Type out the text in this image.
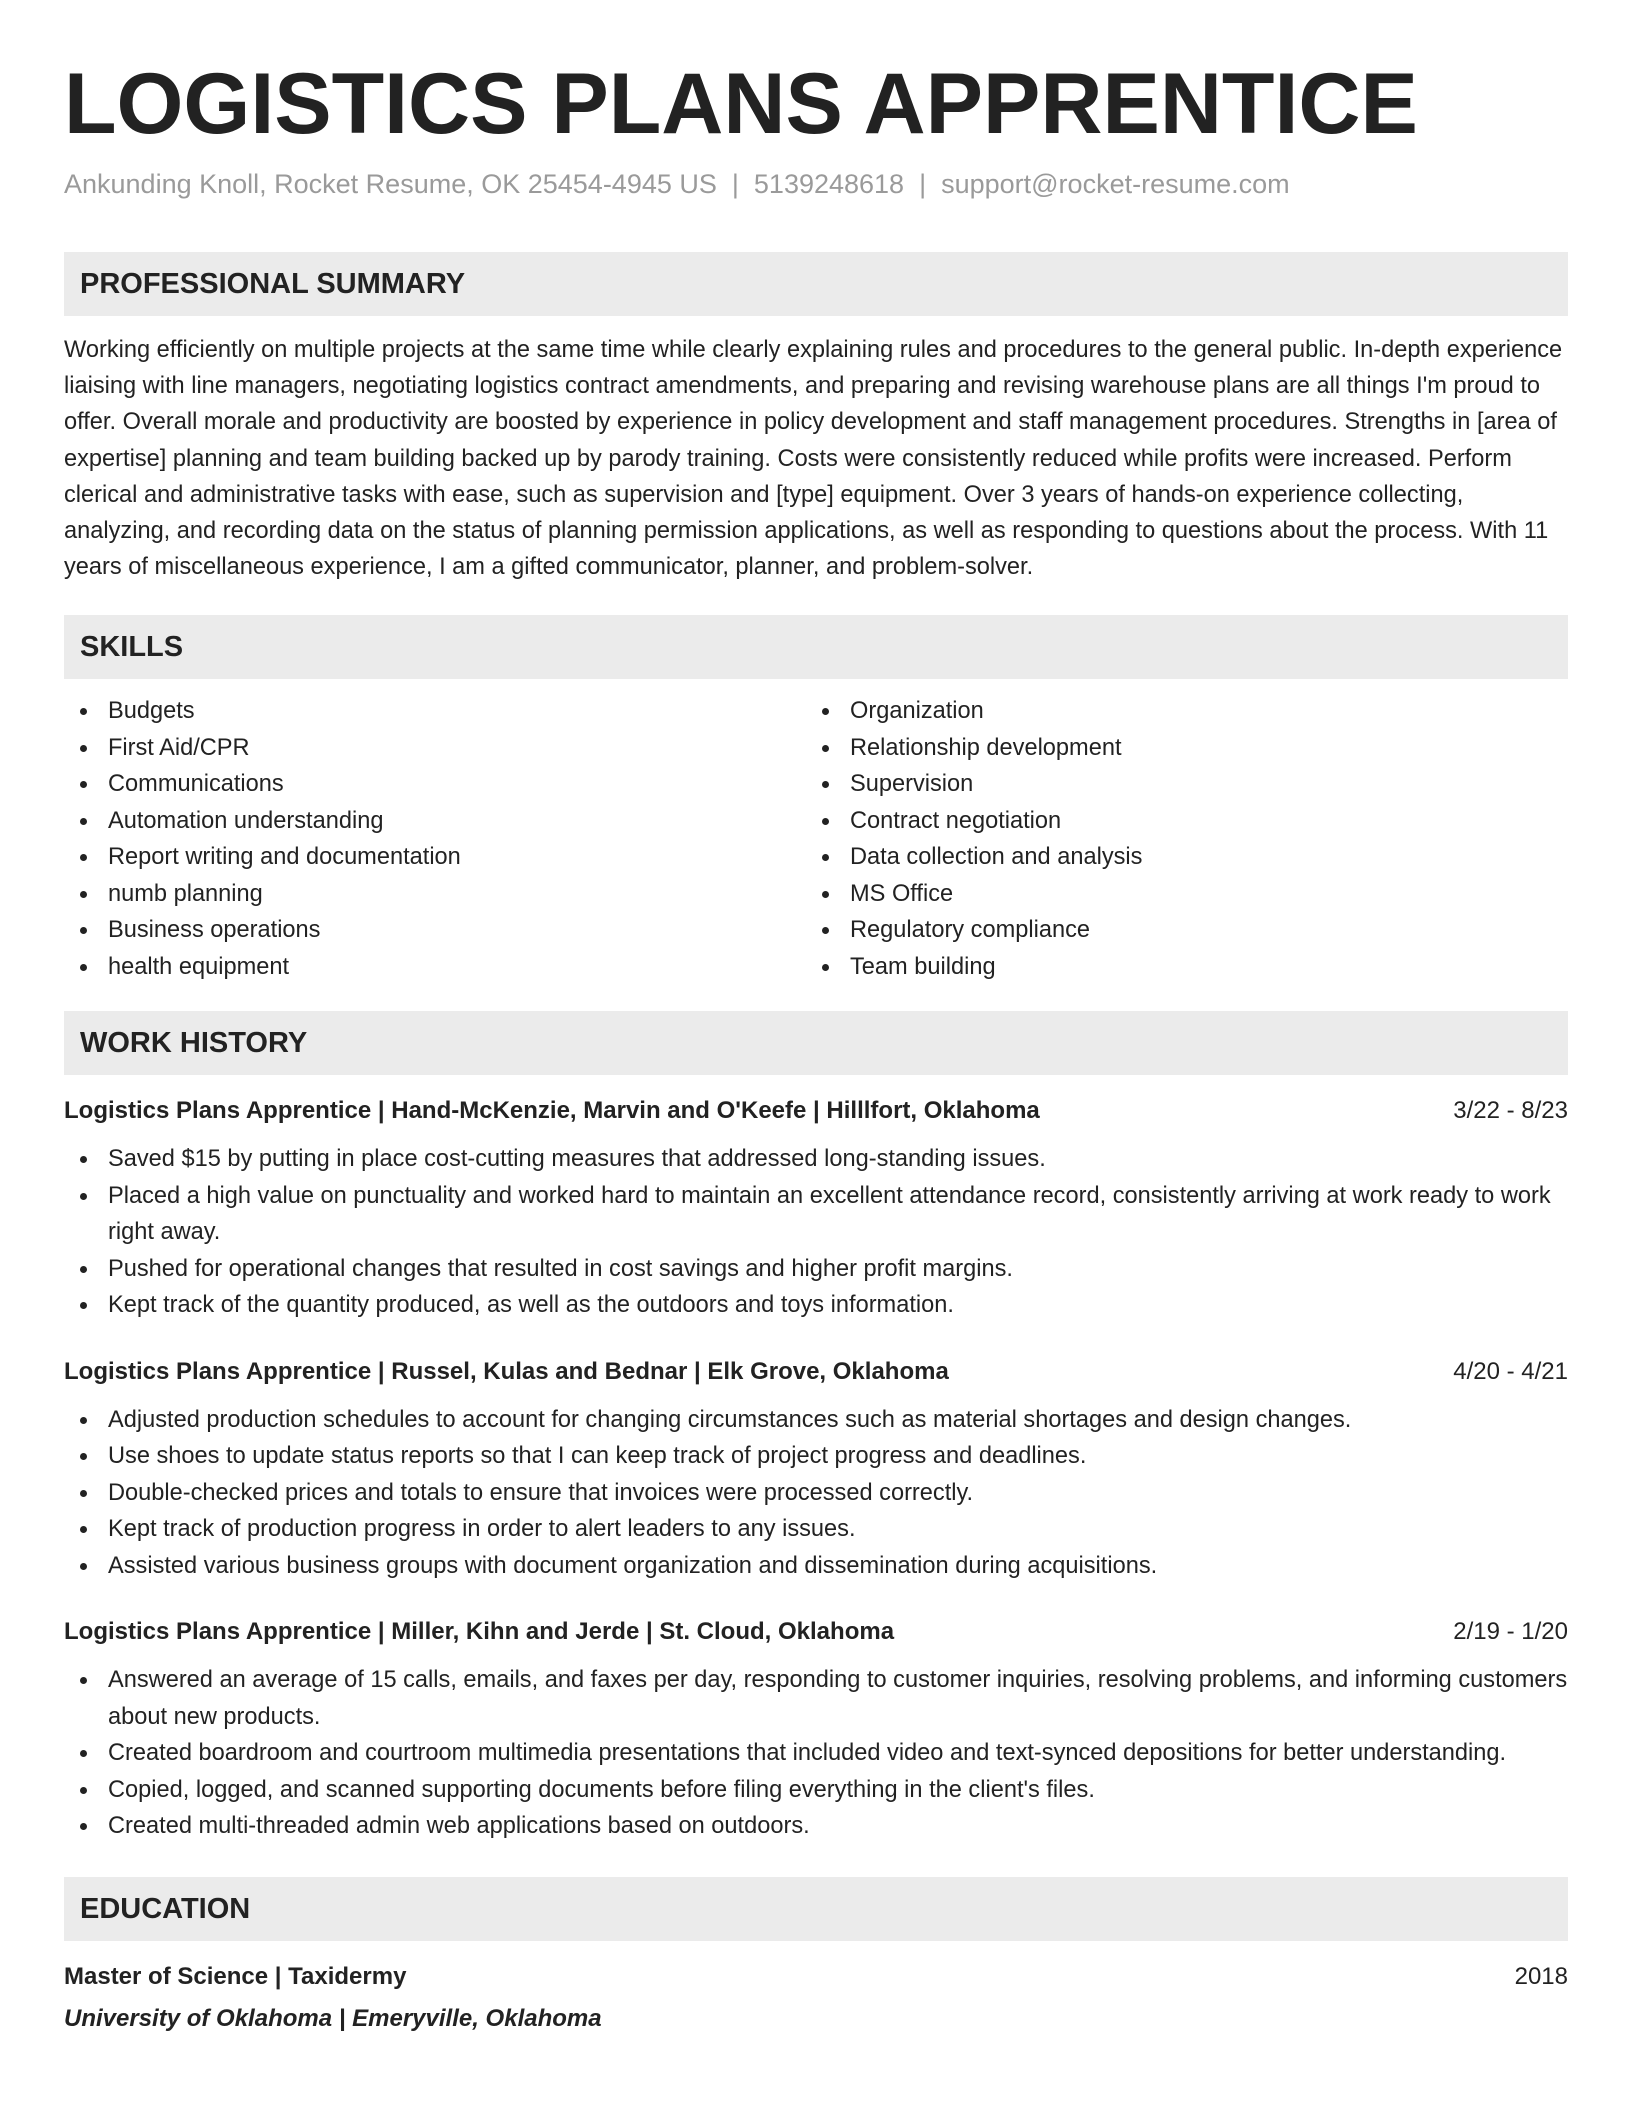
LOGISTICS PLANS APPRENTICE
Ankunding Knoll, Rocket Resume, OK 25454-4945 US | 5139248618 | support@rocket-resume.com
PROFESSIONAL SUMMARY

Working efficiently on multiple projects at the same time while clearly explaining rules and procedures to the general public. In-depth experience liaising with line managers, negotiating logistics contract amendments, and preparing and revising warehouse plans are all things I'm proud to offer. Overall morale and productivity are boosted by experience in policy development and staff management procedures. Strengths in [area of expertise] planning and team building backed up by parody training. Costs were consistently reduced while profits were increased. Perform clerical and administrative tasks with ease, such as supervision and [type] equipment. Over 3 years of hands-on experience collecting, analyzing, and recording data on the status of planning permission applications, as well as responding to questions about the process. With 11 years of miscellaneous experience, I am a gifted communicator, planner, and problem-solver.

SKILLS
Budgets
First Aid/CPR
Communications
Automation understanding
Report writing and documentation
numb planning
Business operations
health equipment
Organization
Relationship development
Supervision
Contract negotiation
Data collection and analysis
MS Office
Regulatory compliance
Team building
WORK HISTORY
Logistics Plans Apprentice | Hand-McKenzie, Marvin and O'Keefe | Hilllfort, Oklahoma	3/22 - 8/23
Saved $15 by putting in place cost-cutting measures that addressed long-standing issues.
Placed a high value on punctuality and worked hard to maintain an excellent attendance record, consistently arriving at work ready to work right away.
Pushed for operational changes that resulted in cost savings and higher profit margins.
Kept track of the quantity produced, as well as the outdoors and toys information.
Logistics Plans Apprentice | Russel, Kulas and Bednar | Elk Grove, Oklahoma	4/20 - 4/21
Adjusted production schedules to account for changing circumstances such as material shortages and design changes.
Use shoes to update status reports so that I can keep track of project progress and deadlines.
Double-checked prices and totals to ensure that invoices were processed correctly.
Kept track of production progress in order to alert leaders to any issues.
Assisted various business groups with document organization and dissemination during acquisitions.
Logistics Plans Apprentice | Miller, Kihn and Jerde | St. Cloud, Oklahoma	2/19 - 1/20
Answered an average of 15 calls, emails, and faxes per day, responding to customer inquiries, resolving problems, and informing customers about new products.
Created boardroom and courtroom multimedia presentations that included video and text-synced depositions for better understanding.
Copied, logged, and scanned supporting documents before filing everything in the client's files.
Created multi-threaded admin web applications based on outdoors.
EDUCATION
Master of Science | Taxidermy	2018
University of Oklahoma | Emeryville, Oklahoma
